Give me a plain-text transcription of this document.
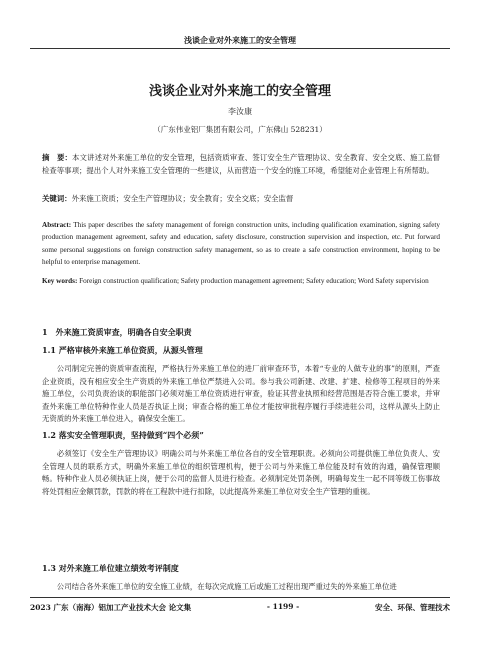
浅谈企业对外来施工的安全管理
浅谈企业对外来施工的安全管理
李汝康
（广东伟业铝厂集团有限公司，广东佛山 528231）
摘　要：本文讲述对外来施工单位的安全管理，包括资质审查、签订安全生产管理协议、安全教育、安全交底、施工监督检查等事项；提出个人对外来施工安全管理的一些建议，从而营造一个安全的施工环境，希望能对企业管理上有所帮助。
关键词：外来施工资质；安全生产管理协议；安全教育；安全交底；安全监督
Abstract: This paper describes the safety management of foreign construction units, including qualification examination, signing safety production management agreement, safety and education, safety disclosure, construction supervision and inspection, etc. Put forward some personal suggestions on foreign construction safety management, so as to create a safe construction environment, hoping to be helpful to enterprise management.
Key words: Foreign construction qualification; Safety production management agreement; Safety education; Word Safety supervision
1　外来施工资质审查，明确各自安全职责
1.1 严格审核外来施工单位资质，从源头管理
公司制定完善的资质审查流程，严格执行外来施工单位的进厂前审查环节，本着“专业的人做专业的事”的原则，严查企业资质，没有相应安全生产资质的外来施工单位严禁进入公司。参与我公司新建、改建、扩建、检修等工程项目的外来施工单位，公司负责治谈的职能部门必须对施工单位资质进行审查，验证其营业执照和经营范围是否符合施工要求，并审查外来施工单位特种作业人员是否执证上岗；审查合格的施工单位才能按审批程序履行手续进驻公司，这样从源头上防止无资质的外来施工单位进入，确保安全施工。
1.2 落实安全管理职责，坚持做到“四个必须”
必须签订《安全生产管理协议》明确公司与外来施工单位各自的安全管理职责。必须向公司提供施工单位负责人、安全管理人员的联系方式，明确外来施工单位的组织管理机构，便于公司与外来施工单位能及时有效的沟通，确保管理顺畅。特种作业人员必须执证上岗，便于公司的监督人员进行检查。必须制定处罚条例，明确每发生一起不同等级工伤事故将处罚相应金额罚款，罚款的将在工程款中进行扣除，以此提高外来施工单位对安全生产管理的重视。
1.3 对外来施工单位建立绩效考评制度
公司结合各外来施工单位的安全施工业绩，在每次完成施工后或施工过程出现严重过失的外来施工单位进
2023 广东（南海）铝加工产业技术大会 论文集	- 1199 -	安全、环保、管理技术
